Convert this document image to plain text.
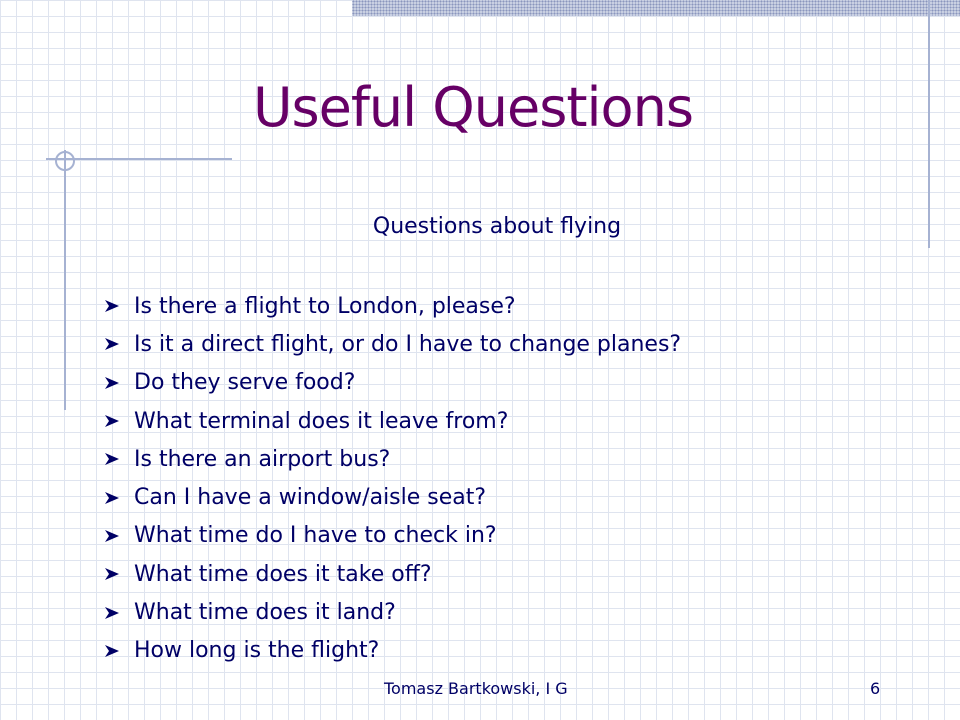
Useful Questions
Questions about flying
Is there a flight to London, please?
Is it a direct flight, or do I have to change planes?
Do they serve food?
What terminal does it leave from?
Is there an airport bus?
Can I have a window/aisle seat?
What time do I have to check in?
What time does it take off?
What time does it land?
How long is the flight?
Tomasz Bartkowski, I G	6
